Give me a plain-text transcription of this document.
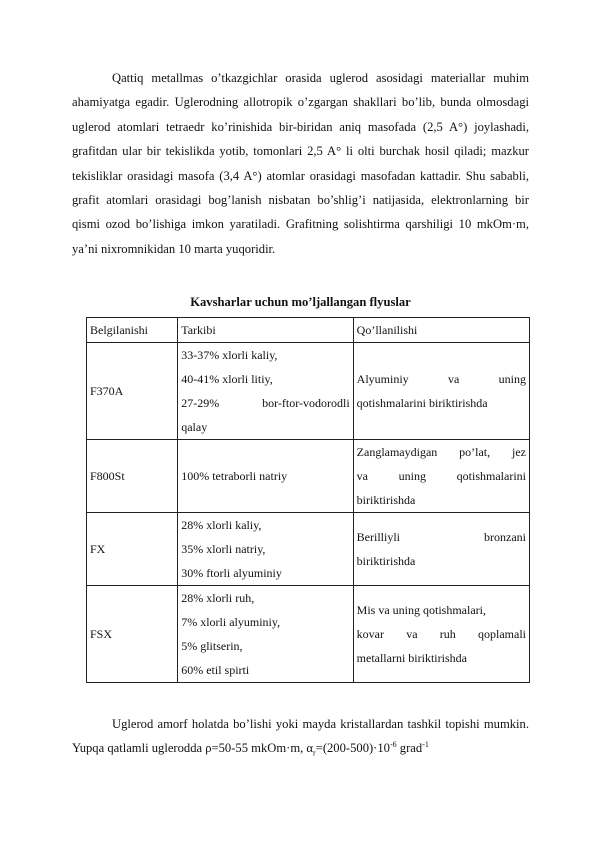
Qattiq metallmas o’tkazgichlar orasida uglerod asosidagi materiallar muhim ahamiyatga egadir. Uglerodning allotropik o’zgargan shakllari bo’lib, bunda olmosdagi uglerod atomlari tetraedr ko’rinishida bir-biridan aniq masofada (2,5 A°) joylashadi, grafitdan ular bir tekislikda yotib, tomonlari 2,5 A° li olti burchak hosil qiladi; mazkur tekisliklar orasidagi masofa (3,4 A°) atomlar orasidagi masofadan kattadir. Shu sababli, grafit atomlari orasidagi bog’lanish nisbatan bo’shlig’i natijasida, elektronlarning bir qismi ozod bo’lishiga imkon yaratiladi. Grafitning solishtirma qarshiligi 10 mkOm·m, ya’ni nixromnikidan 10 marta yuqoridir.

Kavsharlar uchun mo’ljallangan flyuslar
Belgilanishi	Tarkibi	Qo’llanilishi
F370A	33-37% xlorli kaliy,
40-41% xlorli litiy,
27-29% bor-ftor-vodorodli
qalay	Alyuminiy va uning
qotishmalarini biriktirishda

F800St	100% tetraborli natriy	Zanglamaydigan po’lat, jez
va uning qotishmalarini
biriktirishda

FX	28% xlorli kaliy,
35% xlorli natriy,
30% ftorli alyuminiy	Berilliyli bronzani
biriktirishda

FSX	28% xlorli ruh,
7% xlorli alyuminiy,
5% glitserin,
60% etil spirti	Mis va uning qotishmalari,
kovar va ruh qoplamali
metallarni biriktirishda

Uglerod amorf holatda bo’lishi yoki mayda kristallardan tashkil topishi mumkin. Yupqa qatlamli uglerodda ρ=50-55 mkOm·m, $\alpha_r=(200-500)\cdot 10^{-6}$ grad$^{-1}$
